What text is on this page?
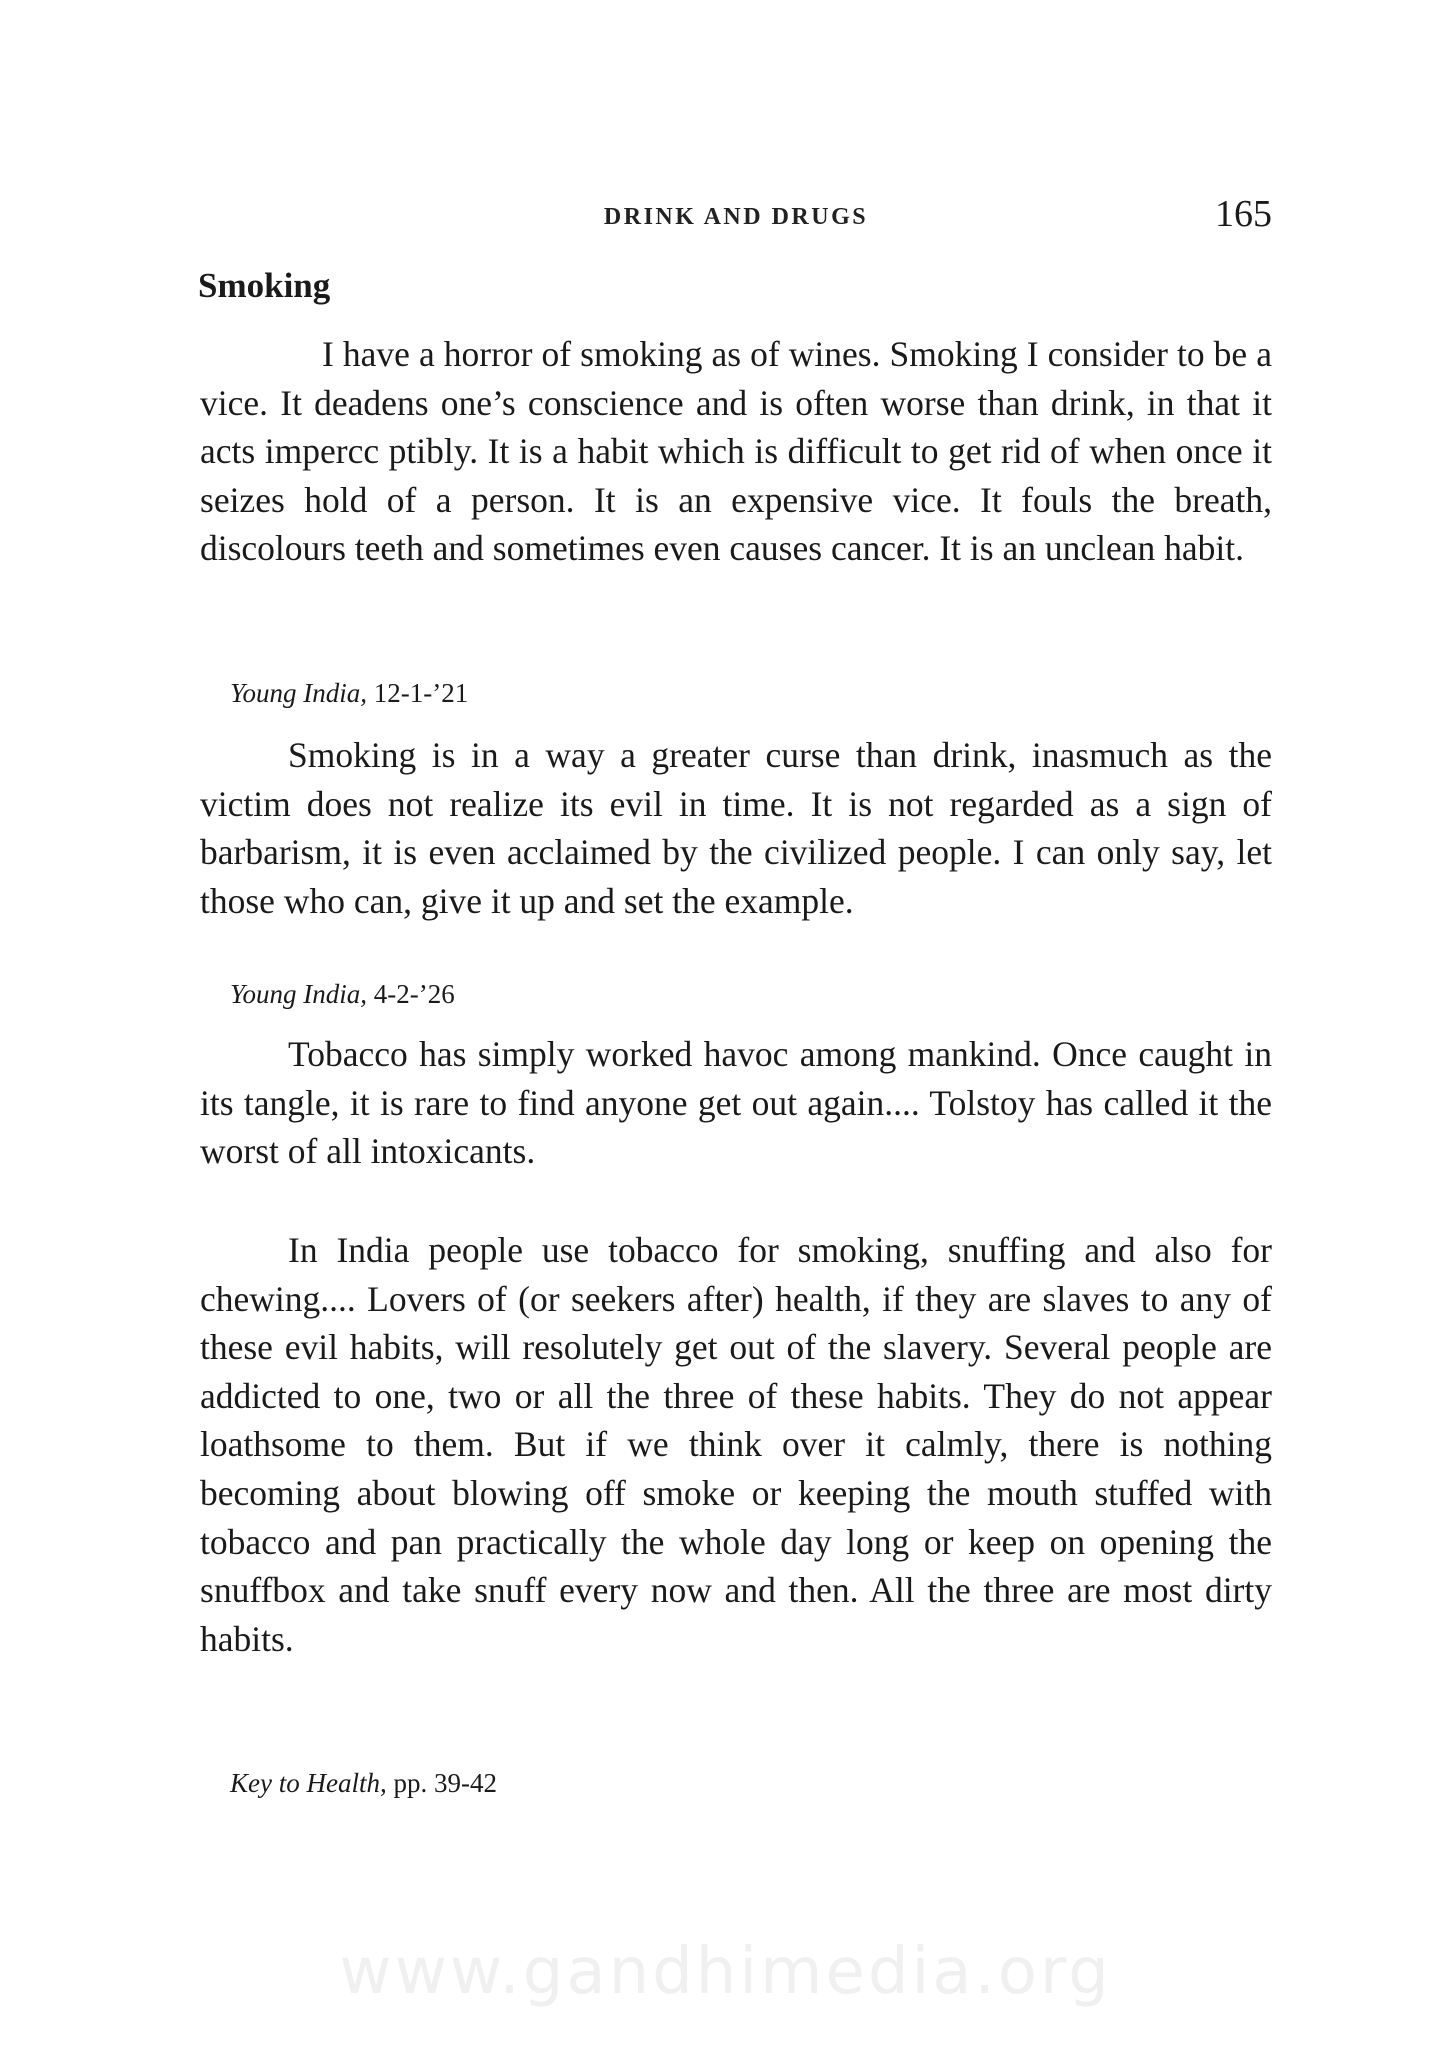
DRINK AND DRUGS	165
Smoking

I have a horror of smoking as of wines. Smoking I consider to be a vice. It deadens one’s conscience and is often worse than drink, in that it acts impercc ptibly. It is a habit which is difficult to get rid of when once it seizes hold of a person. It is an expensive vice. It fouls the breath, discolours teeth and sometimes even causes cancer. It is an unclean habit.

Young India, 12-1-’21

Smoking is in a way a greater curse than drink, inasmuch as the victim does not realize its evil in time. It is not regarded as a sign of barbarism, it is even acclaimed by the civilized people. I can only say, let those who can, give it up and set the example.

Young India, 4-2-’26

Tobacco has simply worked havoc among mankind. Once caught in its tangle, it is rare to find anyone get out again.... Tolstoy has called it the worst of all intoxicants.

In India people use tobacco for smoking, snuffing and also for chewing.... Lovers of (or seekers after) health, if they are slaves to any of these evil habits, will resolutely get out of the slavery. Several people are addicted to one, two or all the three of these habits. They do not appear loathsome to them. But if we think over it calmly, there is nothing becoming about blowing off smoke or keeping the mouth stuffed with tobacco and pan practically the whole day long or keep on opening the snuffbox and take snuff every now and then. All the three are most dirty habits.

Key to Health, pp. 39-42
www.gandhimedia.org
